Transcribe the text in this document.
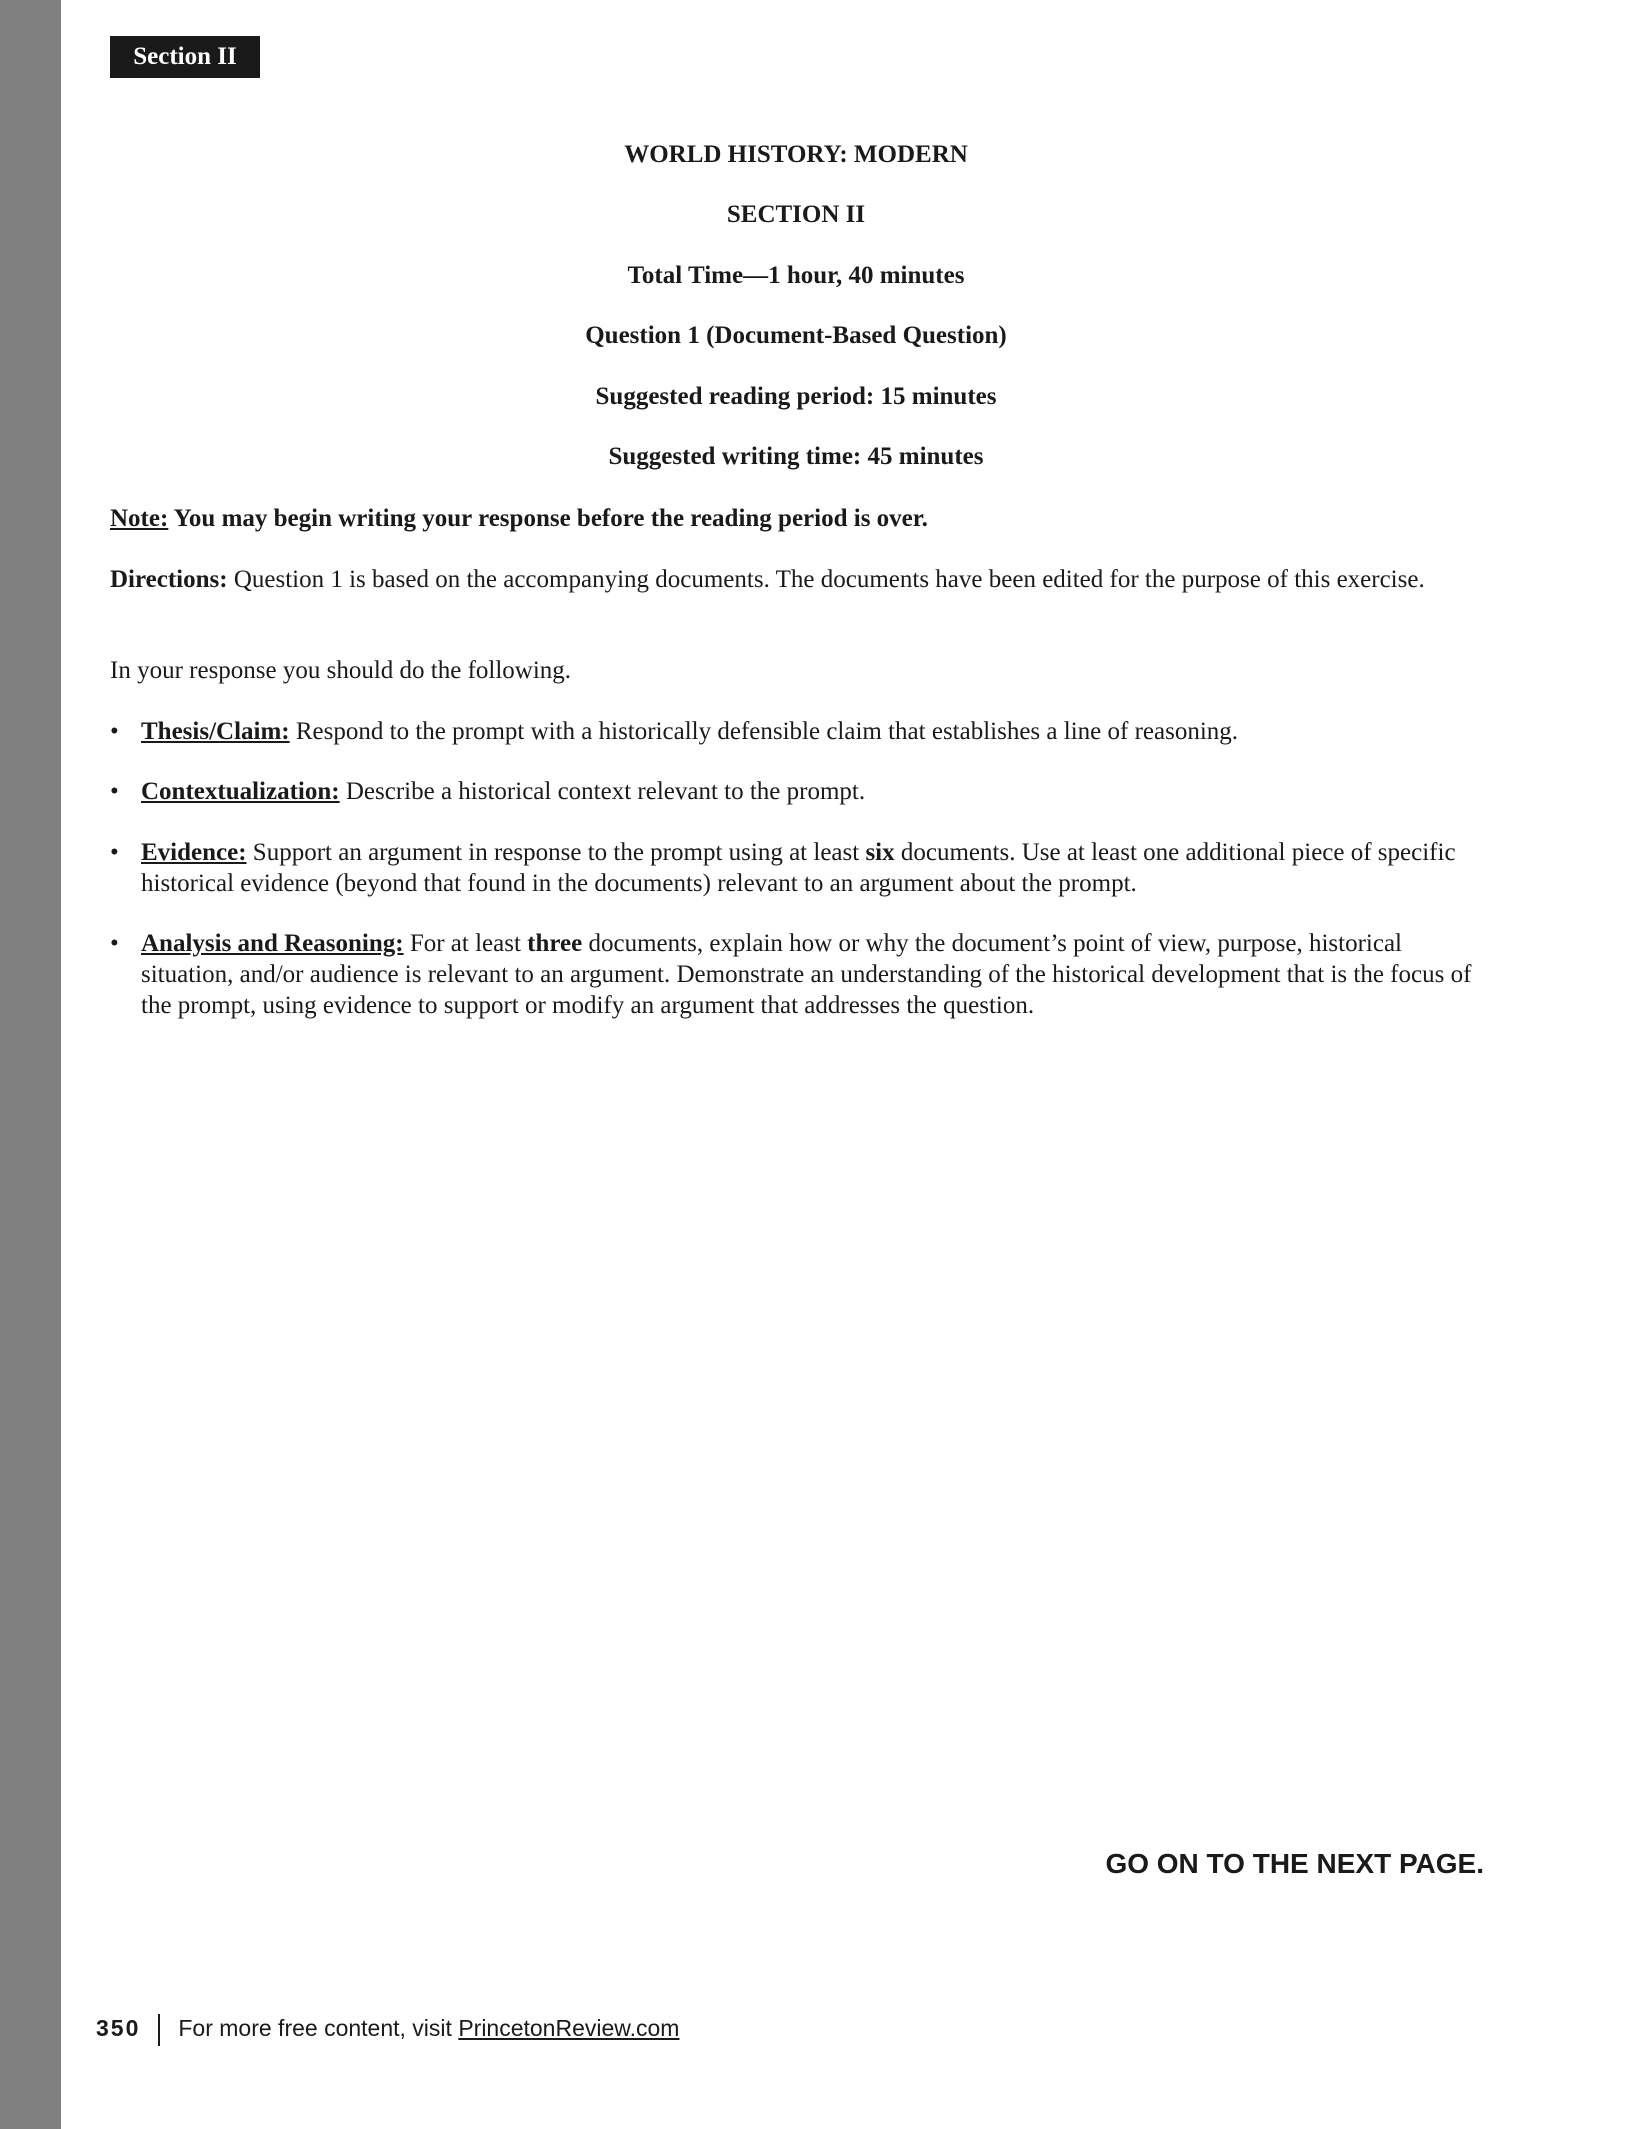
Section II
WORLD HISTORY: MODERN
SECTION II
Total Time—1 hour, 40 minutes
Question 1 (Document-Based Question)
Suggested reading period: 15 minutes
Suggested writing time: 45 minutes
Note: You may begin writing your response before the reading period is over.
Directions: Question 1 is based on the accompanying documents. The documents have been edited for the purpose of this exercise.
In your response you should do the following.
• Thesis/Claim: Respond to the prompt with a historically defensible claim that establishes a line of reasoning.
• Contextualization: Describe a historical context relevant to the prompt.
• Evidence: Support an argument in response to the prompt using at least six documents. Use at least one additional piece of specific historical evidence (beyond that found in the documents) relevant to an argument about the prompt.
• Analysis and Reasoning: For at least three documents, explain how or why the document’s point of view, purpose, historical situation, and/or audience is relevant to an argument. Demonstrate an understanding of the historical development that is the focus of the prompt, using evidence to support or modify an argument that addresses the question.
GO ON TO THE NEXT PAGE.
350 For more free content, visit PrincetonReview.com
